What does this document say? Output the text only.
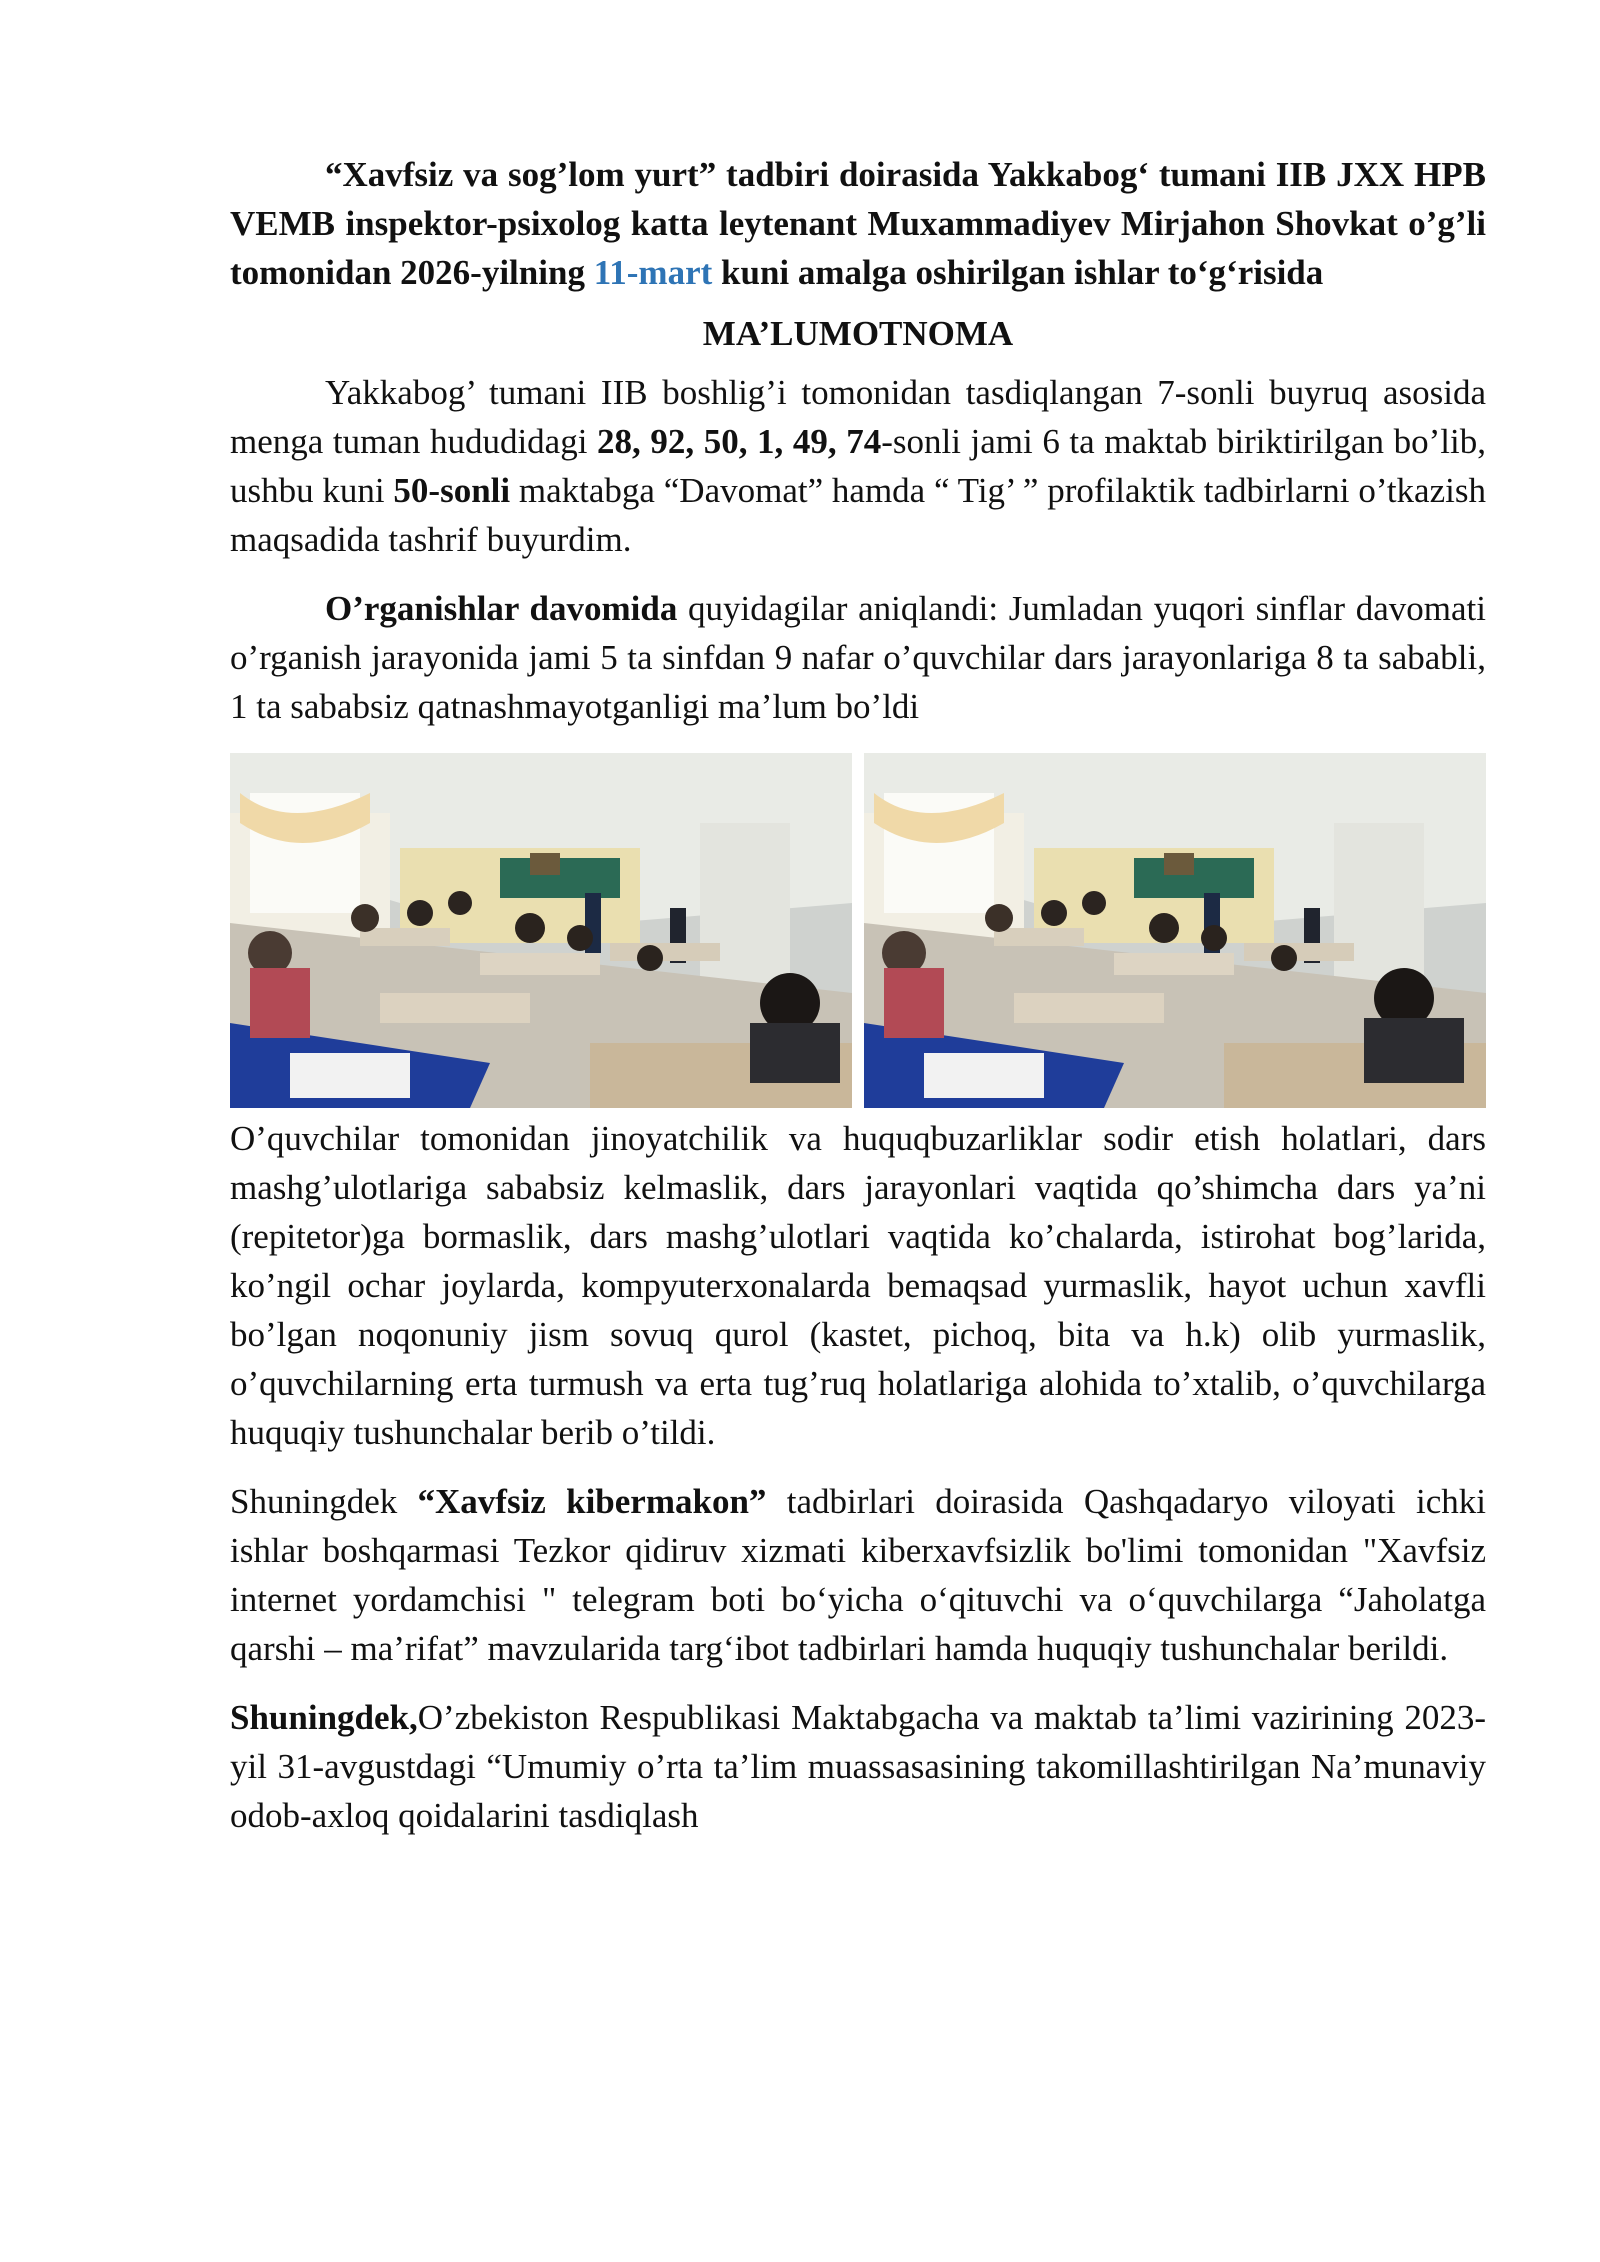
“Xavfsiz va sog’lom yurt” tadbiri doirasida Yakkabog‘ tumani IIB JXX HPB VEMB inspektor-psixolog katta leytenant Muxammadiyev Mirjahon Shovkat o’g’li tomonidan 2026-yilning 11-mart kuni amalga oshirilgan ishlar to‘g‘risida

MA’LUMOTNOMA

Yakkabog’ tumani IIB boshlig’i tomonidan tasdiqlangan 7-sonli buyruq asosida menga tuman hududidagi 28, 92, 50, 1, 49, 74-sonli jami 6 ta maktab biriktirilgan bo’lib, ushbu kuni 50-sonli maktabga “Davomat” hamda “ Tig’ ” profilaktik tadbirlarni o’tkazish maqsadida tashrif buyurdim.

O’rganishlar davomida quyidagilar aniqlandi: Jumladan yuqori sinflar davomati o’rganish jarayonida jami 5 ta sinfdan 9 nafar o’quvchilar dars jarayonlariga 8 ta sababli, 1 ta sababsiz qatnashmayotganligi ma’lum bo’ldi

O’quvchilar tomonidan jinoyatchilik va huquqbuzarliklar sodir etish holatlari, dars mashg’ulotlariga sababsiz kelmaslik, dars jarayonlari vaqtida qo’shimcha dars ya’ni (repitetor)ga bormaslik, dars mashg’ulotlari vaqtida ko’chalarda, istirohat bog’larida, ko’ngil ochar joylarda, kompyuterxonalarda bemaqsad yurmaslik, hayot uchun xavfli bo’lgan noqonuniy jism sovuq qurol (kastet, pichoq, bita va h.k) olib yurmaslik, o’quvchilarning erta turmush va erta tug’ruq holatlariga alohida to’xtalib, o’quvchilarga huquqiy tushunchalar berib o’tildi.

Shuningdek “Xavfsiz kibermakon” tadbirlari doirasida Qashqadaryo viloyati ichki ishlar boshqarmasi Tezkor qidiruv xizmati kiberxavfsizlik bo'limi tomonidan "Xavfsiz internet yordamchisi " telegram boti bo‘yicha o‘qituvchi va o‘quvchilarga “Jaholatga qarshi – ma’rifat” mavzularida targ‘ibot tadbirlari hamda huquqiy tushunchalar berildi.

Shuningdek,O’zbekiston Respublikasi Maktabgacha va maktab ta’limi vazirining 2023-yil 31-avgustdagi “Umumiy o’rta ta’lim muassasasining takomillashtirilgan Na’munaviy odob-axloq qoidalarini tasdiqlash
